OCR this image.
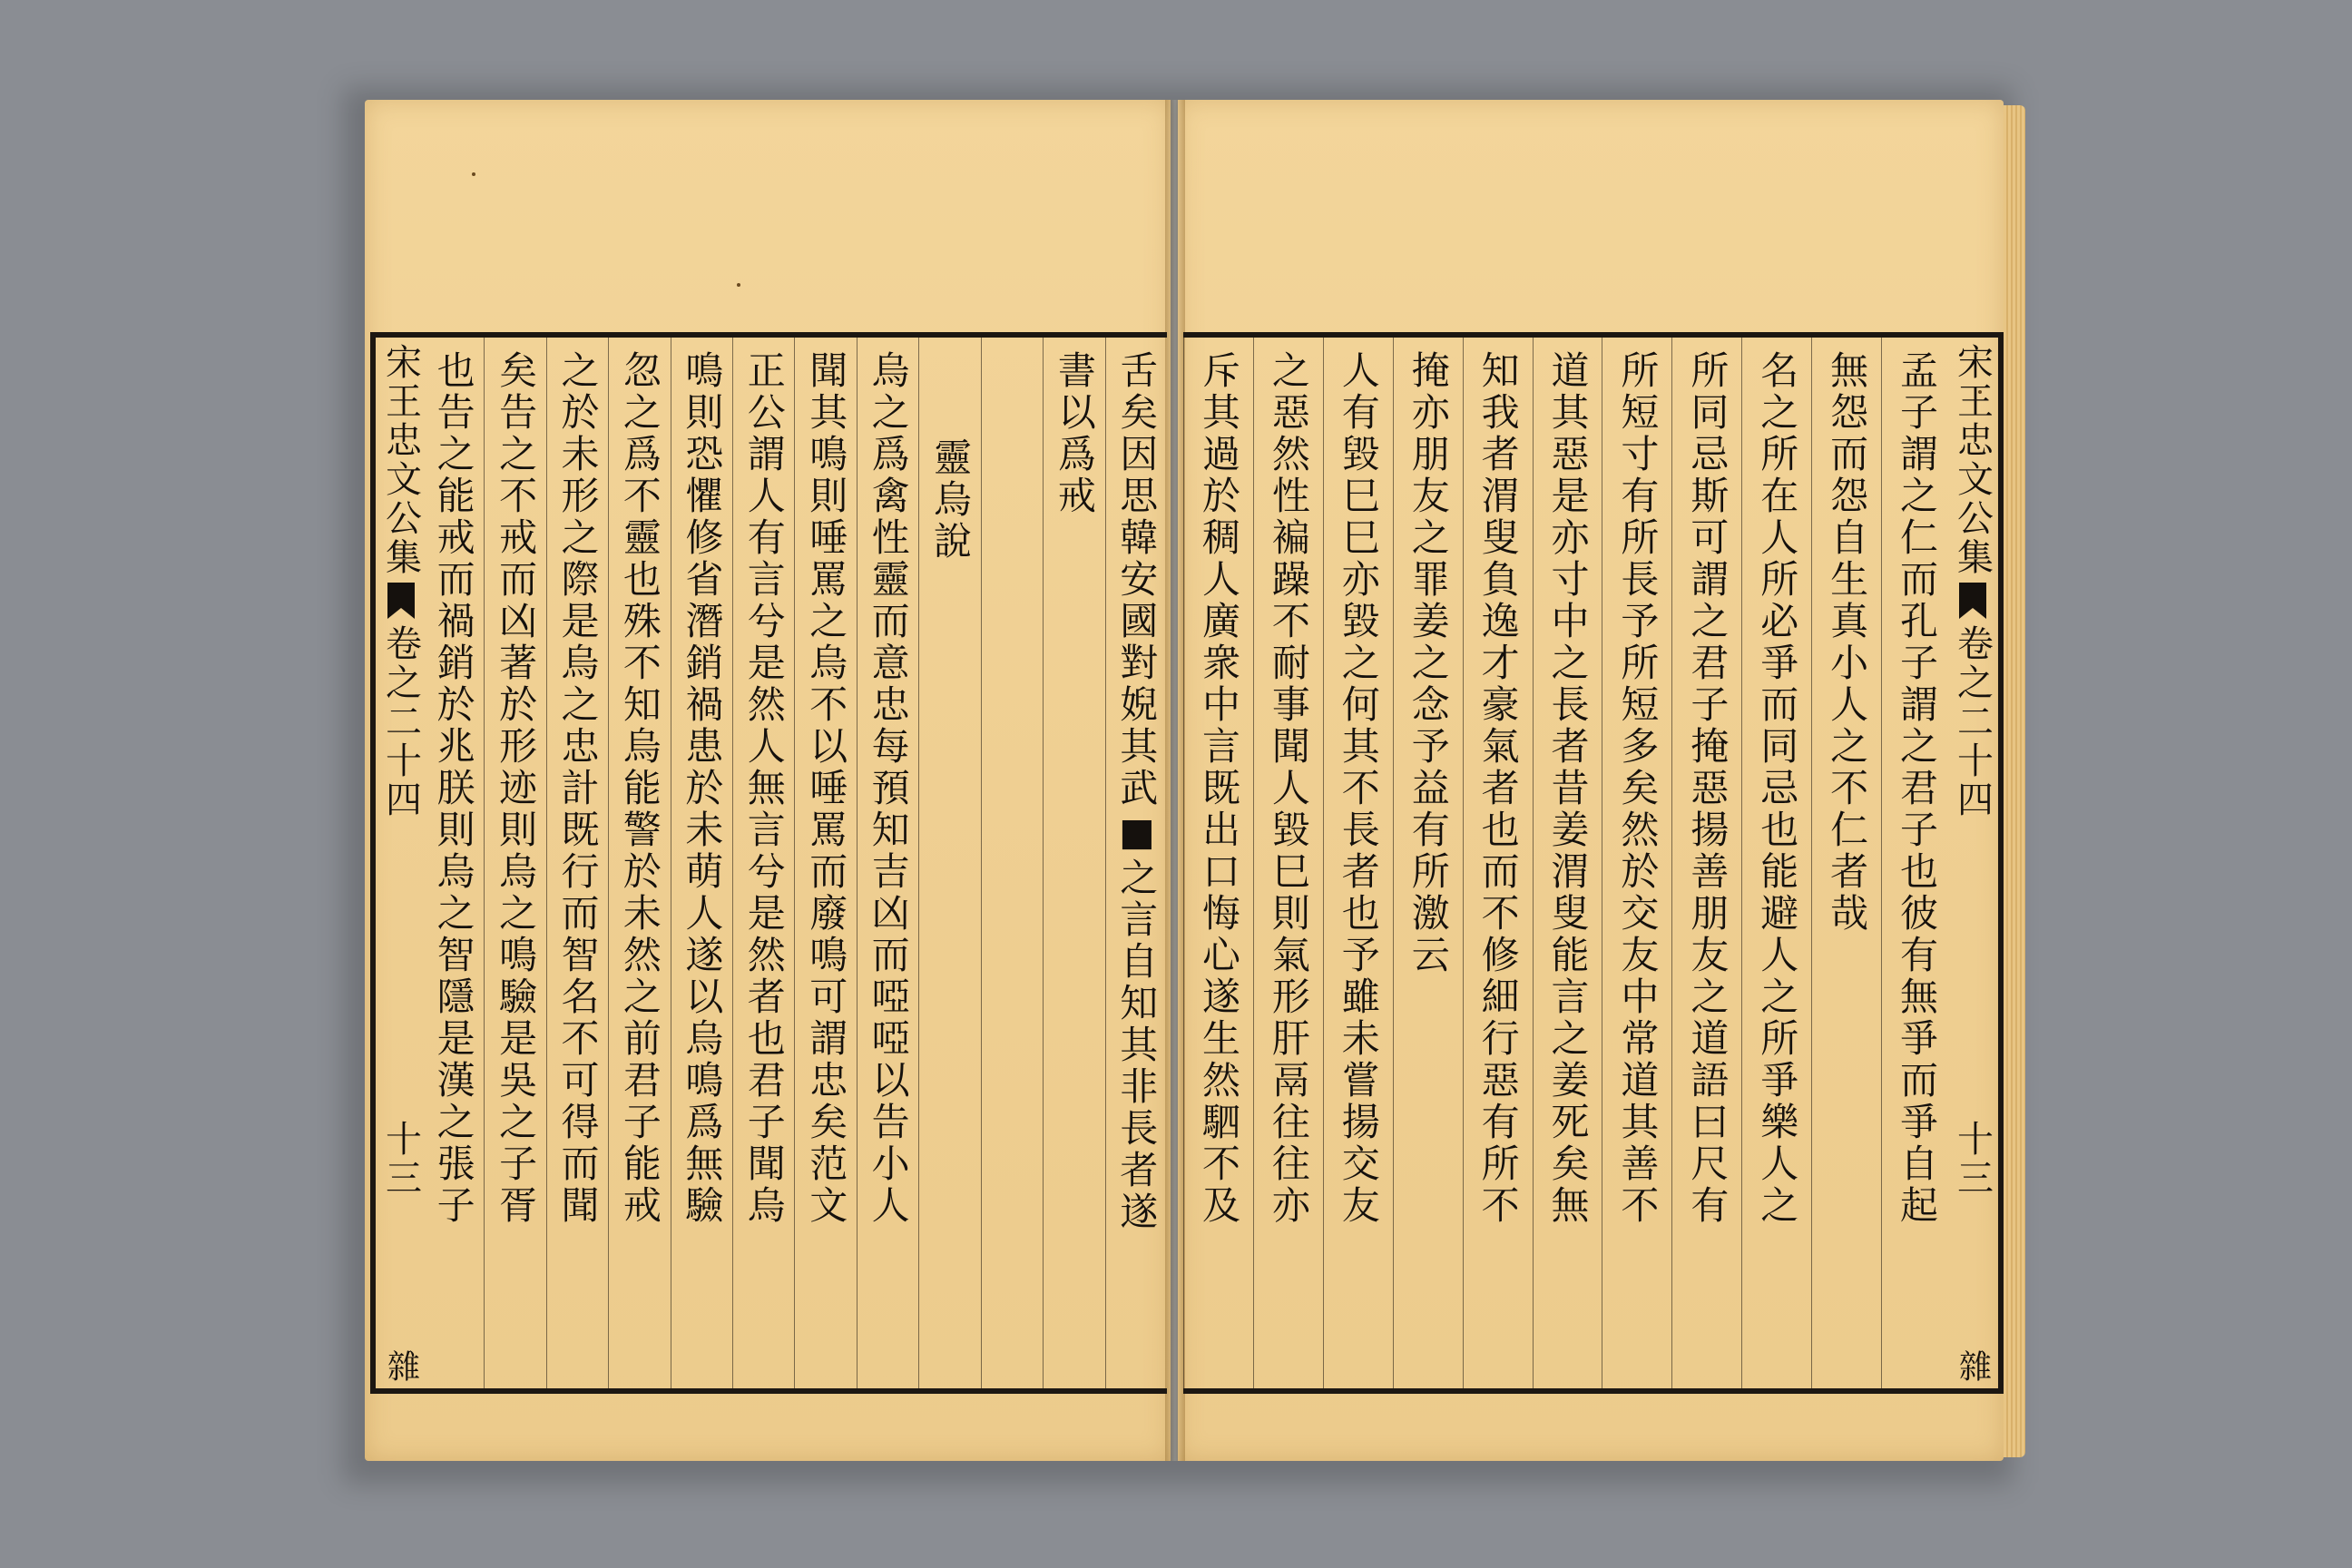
孟子謂之仁而孔子謂之君子也彼有無爭而爭自起
無怨而怨自生真小人之不仁者哉
名之所在人所必爭而同忌也能避人之所爭樂人之
所同忌斯可謂之君子掩惡揚善朋友之道語曰尺有
所短寸有所長予所短多矣然於交友中常道其善不
道其惡是亦寸中之長者昔姜渭叟能言之姜死矣無
知我者渭叟負逸才豪氣者也而不修細行惡有所不
掩亦朋友之罪姜之念予益有所激云
人有毀巳巳亦毀之何其不長者也予雖未嘗揚交友
之惡然性褊躁不耐事聞人毀巳則氣形肝鬲往往亦
斥其過於稠人廣衆中言既出口悔心遂生然駟不及	宋王忠文公集
卷之二十四
十三
雜
舌矣因思韓安國對婗其武■之言自知其非長者遂
書以爲戒
靈烏說
烏之爲禽性靈而意忠每預知吉凶而啞啞以告小人
聞其鳴則唾罵之烏不以唾罵而廢鳴可謂忠矣范文
正公謂人有言兮是然人無言兮是然者也君子聞烏
鳴則恐懼修省潛銷禍患於未萌人遂以烏鳴爲無驗
忽之爲不靈也殊不知烏能警於未然之前君子能戒
之於未形之際是烏之忠計既行而智名不可得而聞
矣告之不戒而凶著於形迹則烏之鳴驗是吳之子胥
也告之能戒而禍銷於兆朕則烏之智隱是漢之張子
宋王忠文公集
卷之二十四
十三
雜
